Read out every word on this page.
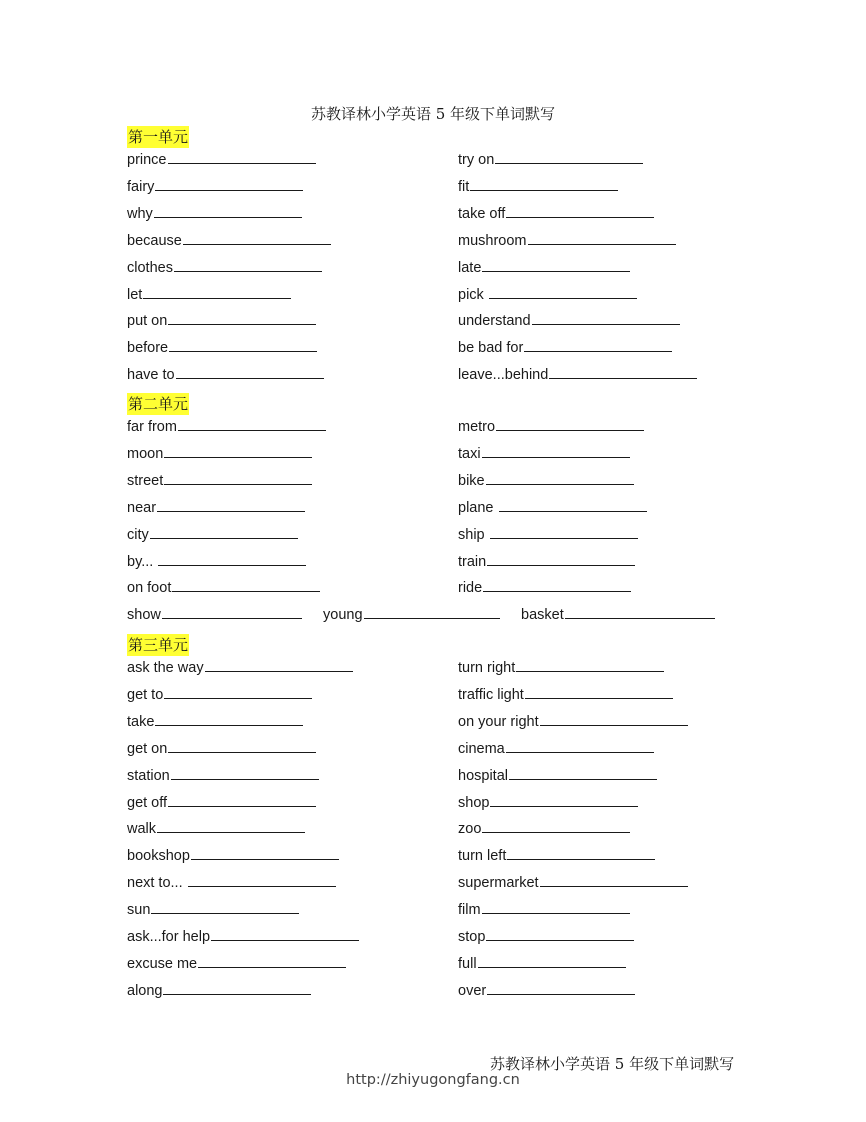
苏教译林小学英语 5 年级下单词默写
第一单元
prince	try on
fairy	fit
why	take off
because	mushroom
clothes	late
let	pick
put on	understand
before	be bad for
have to	leave...behind
第二单元
far from	metro
moon	taxi
street	bike
near	plane
city	ship
by...	train
on foot	ride
show	young	basket
第三单元
ask the way	turn right
get to	traffic light
take	on your right
get on	cinema
station	hospital
get off	shop
walk	zoo
bookshop	turn left
next to...	supermarket
sun	film
ask...for help	stop
excuse me	full
along	over
苏教译林小学英语 5 年级下单词默写
http://zhiyugongfang.cn
